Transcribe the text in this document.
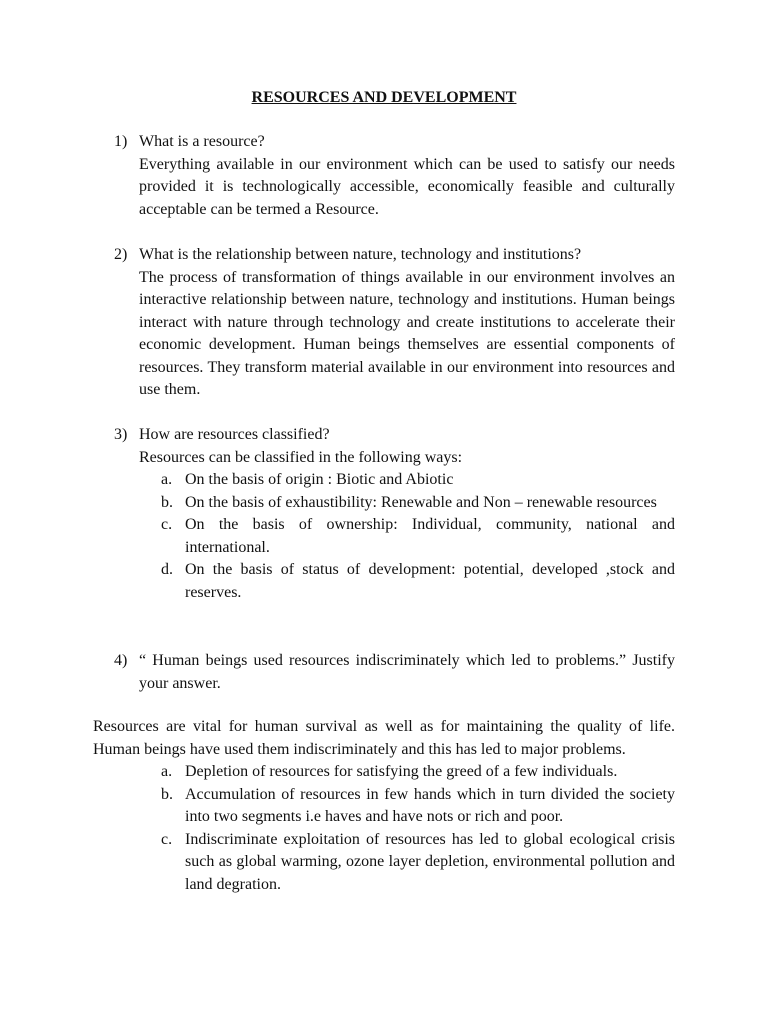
RESOURCES AND DEVELOPMENT
1) What is a resource?

Everything available in our environment which can be used to satisfy our needs provided it is technologically accessible, economically feasible and culturally acceptable can be termed a Resource.

2) What is the relationship between nature, technology and institutions?

The process of transformation of things available in our environment involves an interactive relationship between nature, technology and institutions. Human beings interact with nature through technology and create institutions to accelerate their economic development. Human beings themselves are essential components of resources. They transform material available in our environment into resources and use them.

3) How are resources classified?

Resources can be classified in the following ways:

a. On the basis of origin : Biotic and Abiotic
b. On the basis of exhaustibility: Renewable and Non – renewable resources
c. On the basis of ownership: Individual, community, national and international.
d. On the basis of status of development: potential, developed ,stock and reserves.
4) “ Human beings used resources indiscriminately which led to problems.” Justify your answer.

Resources are vital for human survival as well as for maintaining the quality of life. Human beings have used them indiscriminately and this has led to major problems.

a. Depletion of resources for satisfying the greed of a few individuals.
b. Accumulation of resources in few hands which in turn divided the society into two segments i.e haves and have nots or rich and poor.
c. Indiscriminate exploitation of resources has led to global ecological crisis such as global warming, ozone layer depletion, environmental pollution and land degration.
